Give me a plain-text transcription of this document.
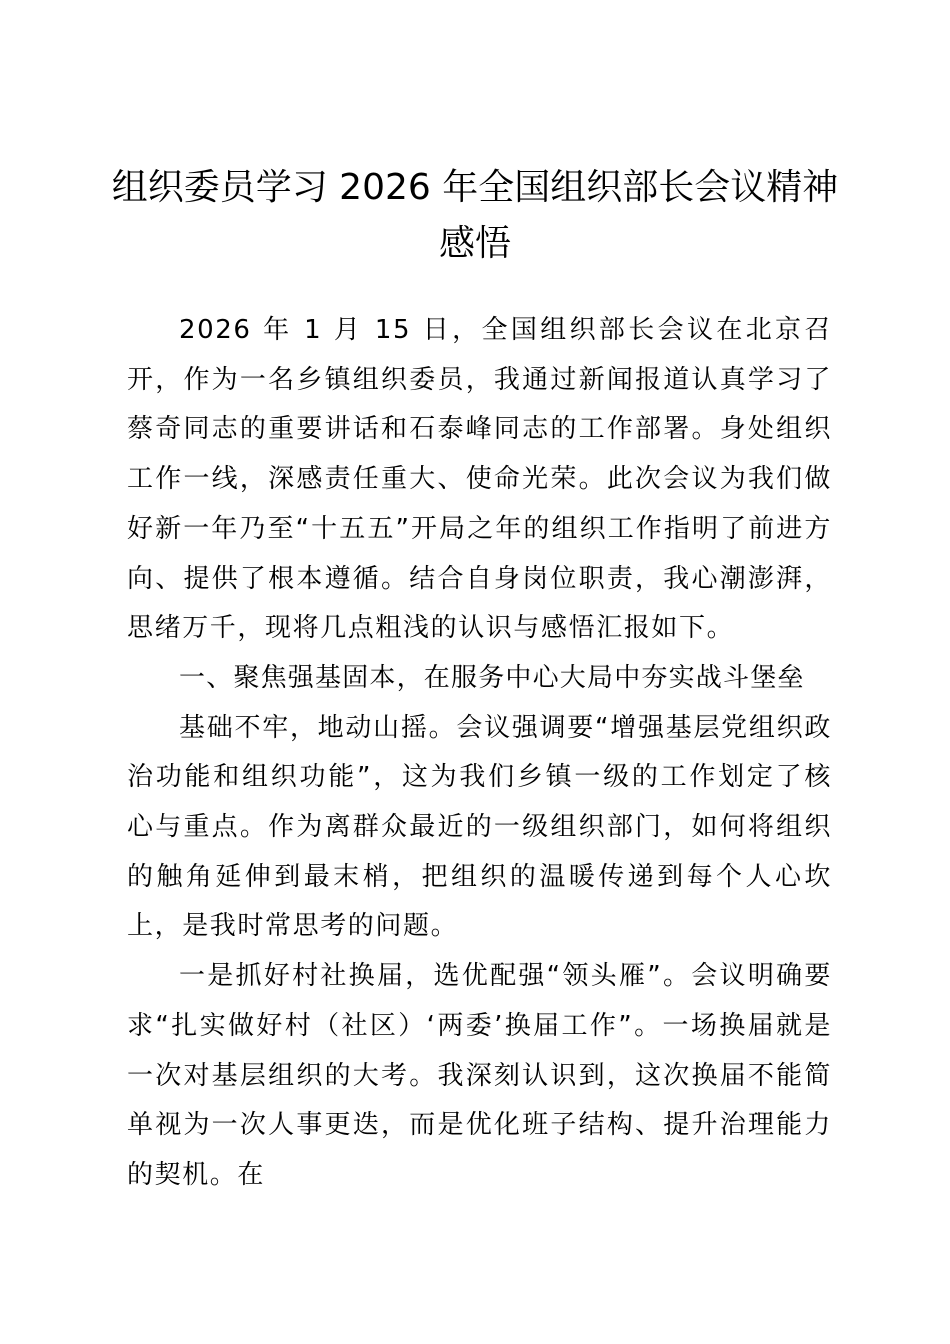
组织委员学习 2026 年全国组织部长会议精神感悟

2026 年 1 月 15 日，全国组织部长会议在北京召开，作为一名乡镇组织委员，我通过新闻报道认真学习了蔡奇同志的重要讲话和石泰峰同志的工作部署。身处组织工作一线，深感责任重大、使命光荣。此次会议为我们做好新一年乃至“十五五”开局之年的组织工作指明了前进方向、提供了根本遵循。结合自身岗位职责，我心潮澎湃，思绪万千，现将几点粗浅的认识与感悟汇报如下。

一、聚焦强基固本，在服务中心大局中夯实战斗堡垒

基础不牢，地动山摇。会议强调要“增强基层党组织政治功能和组织功能”，这为我们乡镇一级的工作划定了核心与重点。作为离群众最近的一级组织部门，如何将组织的触角延伸到最末梢，把组织的温暖传递到每个人心坎上，是我时常思考的问题。

一是抓好村社换届，选优配强“领头雁”。会议明确要求“扎实做好村（社区）‘两委’换届工作”。一场换届就是一次对基层组织的大考。我深刻认识到，这次换届不能简单视为一次人事更迭，而是优化班子结构、提升治理能力的契机。在
